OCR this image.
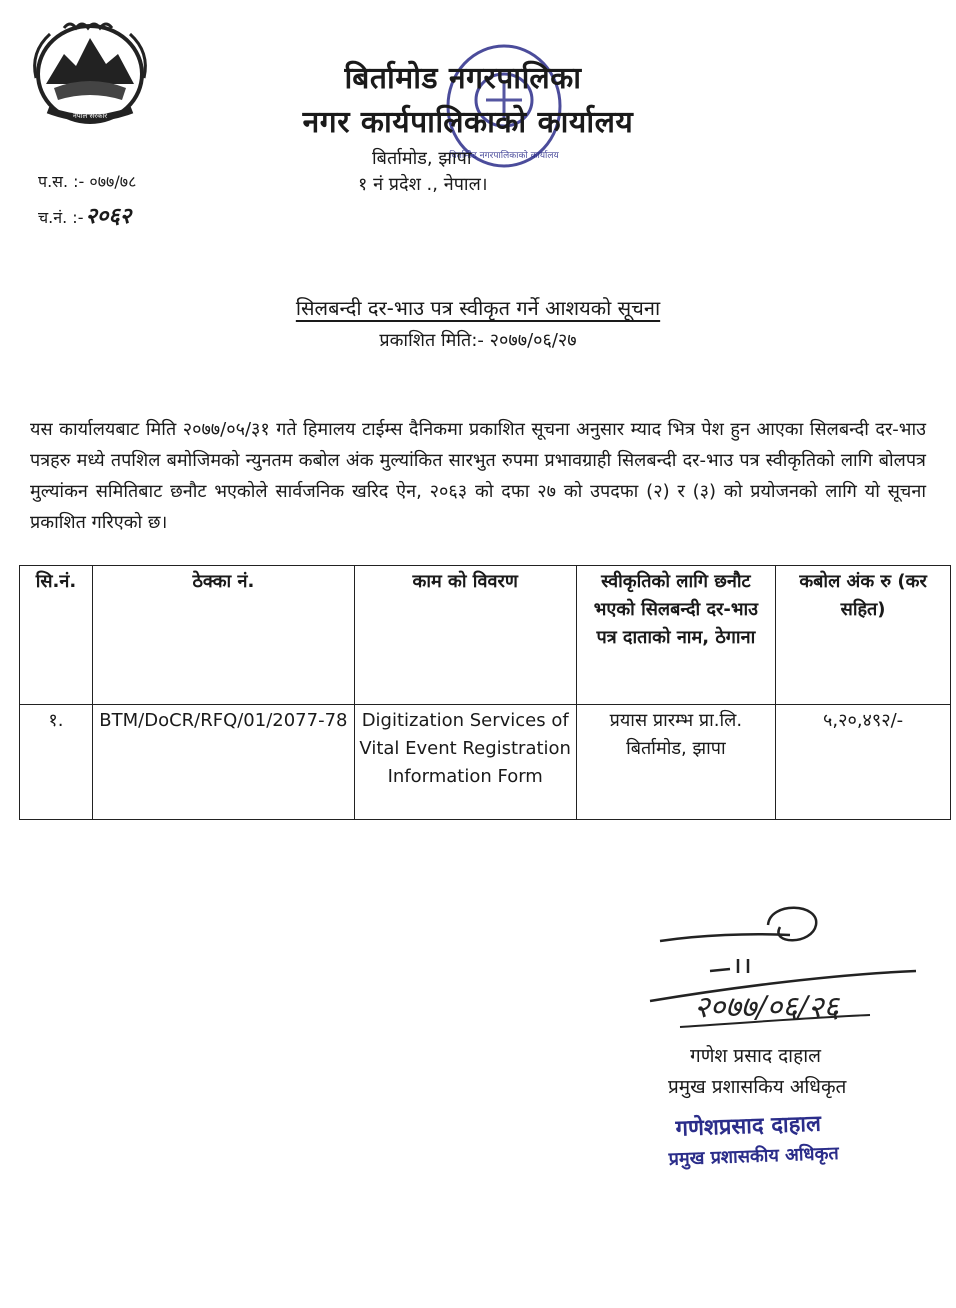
नेपाल सरकार
बिर्तामोड नगरपालिकाको कार्यालय
बिर्तामोड नगरपालिका
नगर कार्यपालिकाको कार्यालय
बिर्तामोड, झापा
१ नं प्रदेश ., नेपाल।
प.स. :- ०७७/७८
च.नं. :-२०६२
सिलबन्दी दर-भाउ पत्र स्वीकृत गर्ने आशयको सूचना
प्रकाशित मिति:- २०७७/०६/२७

यस कार्यालयबाट मिति २०७७/०५/३१ गते हिमालय टाईम्स दैनिकमा प्रकाशित सूचना अनुसार म्याद भित्र पेश हुन आएका सिलबन्दी दर-भाउ पत्रहरु मध्ये तपशिल बमोजिमको न्युनतम कबोल अंक मुल्यांकित सारभुत रुपमा प्रभावग्राही सिलबन्दी दर-भाउ पत्र स्वीकृतिको लागि बोलपत्र मुल्यांकन समितिबाट छनौट भएकोले सार्वजनिक खरिद ऐन, २०६३ को दफा २७ को उपदफा (२) र (३) को प्रयोजनको लागि यो सूचना प्रकाशित गरिएको छ।

सि.नं.	ठेक्का नं.	काम को विवरण	स्वीकृतिको लागि छनौट भएको सिलबन्दी दर-भाउ पत्र दाताको नाम, ठेगाना	कबोल अंक रु (कर सहित)
१.	BTM/DoCR/RFQ/01/2077-78	Digitization Services of Vital Event Registration Information Form	प्रयास प्रारम्भ प्रा.लि. बिर्तामोड, झापा	५,२०,४९२/-
२०७७/०६/२६
गणेश प्रसाद दाहाल
प्रमुख प्रशासकिय अधिकृत
गणेशप्रसाद दाहाल
प्रमुख प्रशासकीय अधिकृत
